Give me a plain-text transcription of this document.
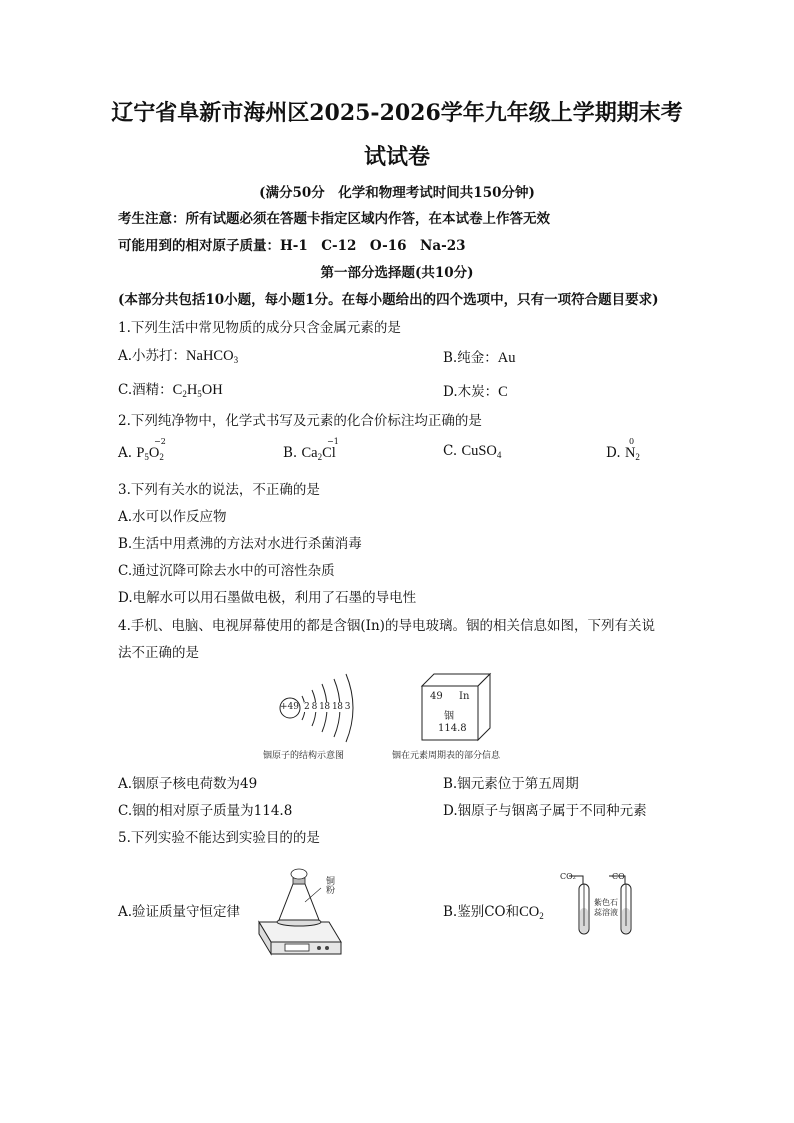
辽宁省阜新市海州区2025-2026学年九年级上学期期末考
试试卷
(满分50分　化学和物理考试时间共150分钟)
考生注意：所有试题必须在答题卡指定区域内作答，在本试卷上作答无效
可能用到的相对原子质量：H-1　C-12　O-16　Na-23
第一部分选择题(共10分)
(本部分共包括10小题，每小题1分。在每小题给出的四个选项中，只有一项符合题目要求)
1.下列生活中常见物质的成分只含金属元素的是
A.小苏打：NaHCO$_3$	B.纯金：Au
C.酒精：$C_2H_5OH$	D.木炭：C
2.下列纯净物中，化学式书写及元素的化合价标注均正确的是
A. $P_5O_2$
−2
B. $Ca_2Cl$
−1
C. CuSO$_4$	D. $N_2$
0
3.下列有关水的说法，不正确的是
A.水可以作反应物
B.生活中用煮沸的方法对水进行杀菌消毒
C.通过沉降可除去水中的可溶性杂质
D.电解水可以用石墨做电极，利用了石墨的导电性
4.手机、电脑、电视屏幕使用的都是含铟(In)的导电玻璃。铟的相关信息如图，下列有关说
法不正确的是
+49 2 8 18 18 3
铟原子的结构示意图
49 In
铟
114.8
铟在元素周期表的部分信息
A.铟原子核电荷数为49	B.铟元素位于第五周期
C.铟的相对原子质量为114.8	D.铟原子与铟离子属于不同种元素
5.下列实验不能达到实验目的的是
A.验证质量守恒定律
铜粉
B.鉴别CO和$CO_2$
CO₂	CO
紫色石蕊溶液
